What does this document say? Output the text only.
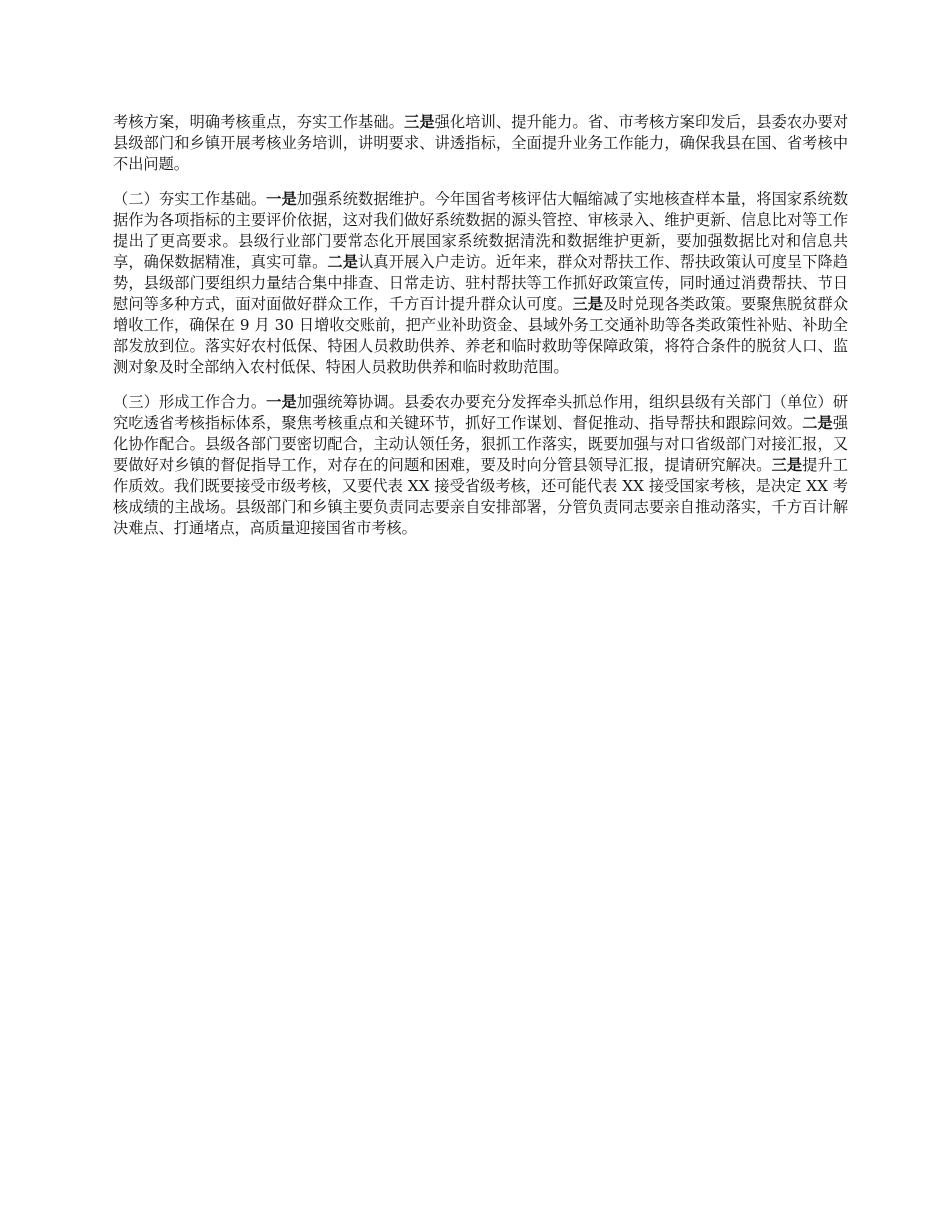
考核方案，明确考核重点，夯实工作基础。三是强化培训、提升能力。省、市考核方案印发后，县委农办要对县级部门和乡镇开展考核业务培训，讲明要求、讲透指标，全面提升业务工作能力，确保我县在国、省考核中不出问题。

（二）夯实工作基础。一是加强系统数据维护。今年国省考核评估大幅缩减了实地核查样本量，将国家系统数据作为各项指标的主要评价依据，这对我们做好系统数据的源头管控、审核录入、维护更新、信息比对等工作提出了更高要求。县级行业部门要常态化开展国家系统数据清洗和数据维护更新，要加强数据比对和信息共享，确保数据精准，真实可靠。二是认真开展入户走访。近年来，群众对帮扶工作、帮扶政策认可度呈下降趋势，县级部门要组织力量结合集中排查、日常走访、驻村帮扶等工作抓好政策宣传，同时通过消费帮扶、节日慰问等多种方式，面对面做好群众工作，千方百计提升群众认可度。三是及时兑现各类政策。要聚焦脱贫群众增收工作，确保在 9 月 30 日增收交账前，把产业补助资金、县域外务工交通补助等各类政策性补贴、补助全部发放到位。落实好农村低保、特困人员救助供养、养老和临时救助等保障政策，将符合条件的脱贫人口、监测对象及时全部纳入农村低保、特困人员救助供养和临时救助范围。

（三）形成工作合力。一是加强统筹协调。县委农办要充分发挥牵头抓总作用，组织县级有关部门（单位）研究吃透省考核指标体系，聚焦考核重点和关键环节，抓好工作谋划、督促推动、指导帮扶和跟踪问效。二是强化协作配合。县级各部门要密切配合，主动认领任务，狠抓工作落实，既要加强与对口省级部门对接汇报，又要做好对乡镇的督促指导工作，对存在的问题和困难，要及时向分管县领导汇报，提请研究解决。三是提升工作质效。我们既要接受市级考核，又要代表 XX 接受省级考核，还可能代表 XX 接受国家考核，是决定 XX 考核成绩的主战场。县级部门和乡镇主要负责同志要亲自安排部署，分管负责同志要亲自推动落实，千方百计解决难点、打通堵点，高质量迎接国省市考核。
